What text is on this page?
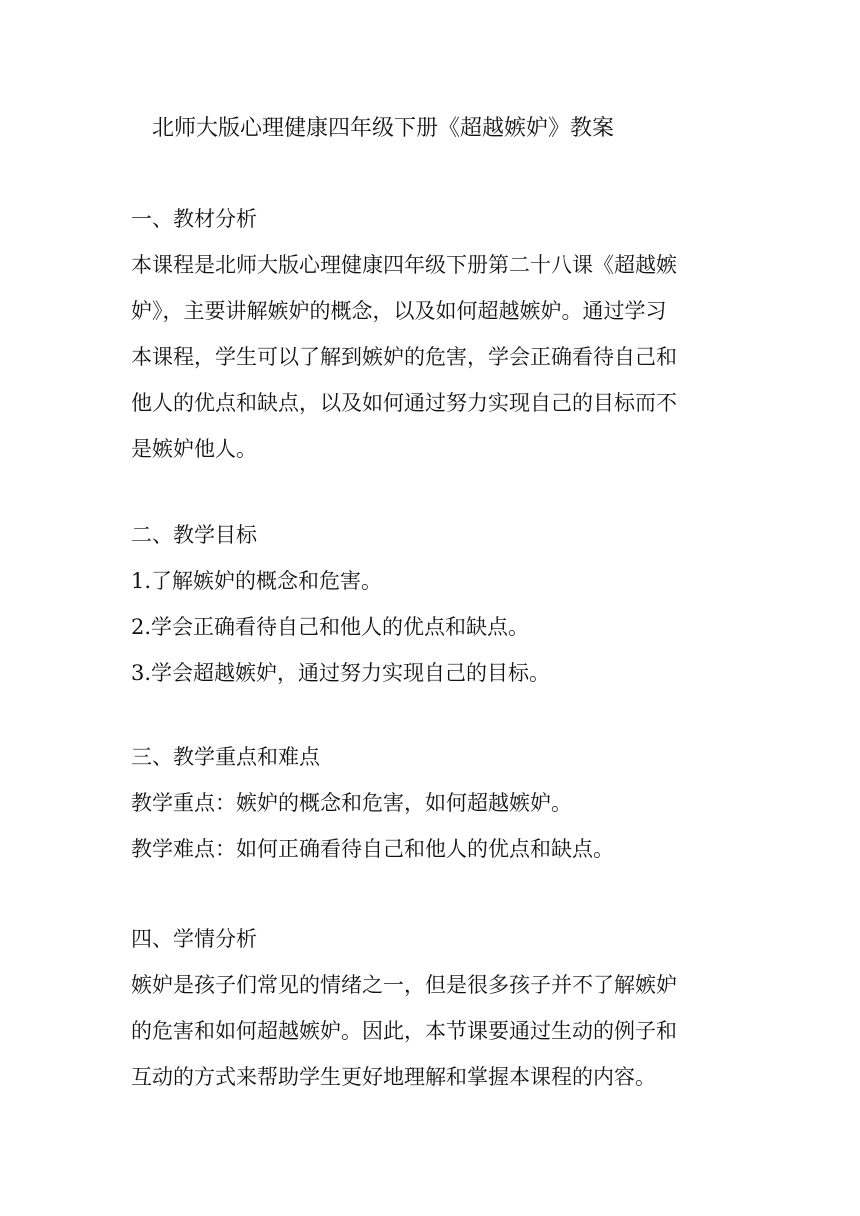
北师大版心理健康四年级下册《超越嫉妒》教案
一、教材分析
本课程是北师大版心理健康四年级下册第二十八课《超越嫉
妒》，主要讲解嫉妒的概念，以及如何超越嫉妒。通过学习
本课程，学生可以了解到嫉妒的危害，学会正确看待自己和
他人的优点和缺点，以及如何通过努力实现自己的目标而不
是嫉妒他人。
二、教学目标
1.了解嫉妒的概念和危害。
2.学会正确看待自己和他人的优点和缺点。
3.学会超越嫉妒，通过努力实现自己的目标。
三、教学重点和难点
教学重点：嫉妒的概念和危害，如何超越嫉妒。
教学难点：如何正确看待自己和他人的优点和缺点。
四、学情分析
嫉妒是孩子们常见的情绪之一，但是很多孩子并不了解嫉妒
的危害和如何超越嫉妒。因此，本节课要通过生动的例子和
互动的方式来帮助学生更好地理解和掌握本课程的内容。
